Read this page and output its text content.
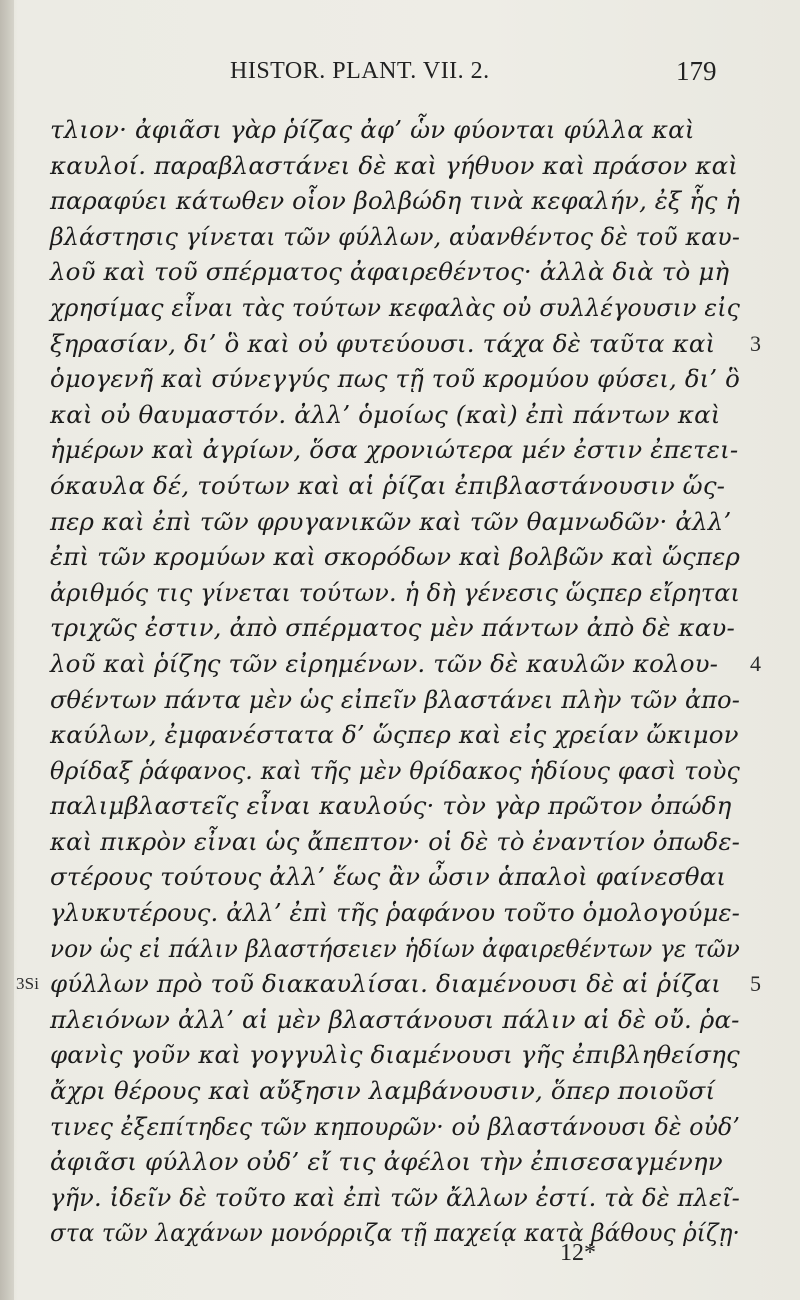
HISTOR. PLANT. VII. 2.	179
τλιον· ἀφιᾶσι γὰρ ῥίζας ἀφ’ ὧν φύονται φύλλα καὶ
καυλοί. παραβλαστάνει δὲ καὶ γήθυον καὶ πράσον καὶ
παραφύει κάτωθεν οἷον βολβώδη τινὰ κεφαλήν, ἐξ ἧς ἡ
βλάστησις γίνεται τῶν φύλλων, αὐανθέντος δὲ τοῦ καυ-
λοῦ καὶ τοῦ σπέρματος ἀφαιρεθέντος· ἀλλὰ διὰ τὸ μὴ
χρησίμας εἶναι τὰς τούτων κεφαλὰς οὐ συλλέγουσιν εἰς
ξηρασίαν, δι’ ὃ καὶ οὐ φυτεύουσι. τάχα δὲ ταῦτα καὶ 3
ὁμογενῆ καὶ σύνεγγύς πως τῇ τοῦ κρομύου φύσει, δι’ ὃ
καὶ οὐ θαυμαστόν. ἀλλ’ ὁμοίως (καὶ) ἐπὶ πάντων καὶ
ἡμέρων καὶ ἀγρίων, ὅσα χρονιώτερα μέν ἐστιν ἐπετει-
όκαυλα δέ, τούτων καὶ αἱ ῥίζαι ἐπιβλαστάνουσιν ὥς-
περ καὶ ἐπὶ τῶν φρυγανικῶν καὶ τῶν θαμνωδῶν· ἀλλ’
ἐπὶ τῶν κρομύων καὶ σκορόδων καὶ βολβῶν καὶ ὥςπερ
ἀριθμός τις γίνεται τούτων. ἡ δὴ γένεσις ὥςπερ εἴρηται
τριχῶς ἐστιν, ἀπὸ σπέρματος μὲν πάντων ἀπὸ δὲ καυ-
λοῦ καὶ ῥίζης τῶν εἰρημένων. τῶν δὲ καυλῶν κολου- 4
σθέντων πάντα μὲν ὡς εἰπεῖν βλαστάνει πλὴν τῶν ἀπο-
καύλων, ἐμφανέστατα δ’ ὥςπερ καὶ εἰς χρείαν ὤκιμον
θρίδαξ ῥάφανος. καὶ τῆς μὲν θρίδακος ἡδίους φασὶ τοὺς
παλιμβλαστεῖς εἶναι καυλούς· τὸν γὰρ πρῶτον ὀπώδη
καὶ πικρὸν εἶναι ὡς ἄπεπτον· οἱ δὲ τὸ ἐναντίον ὀπωδε-
στέρους τούτους ἀλλ’ ἕως ἂν ὦσιν ἁπαλοὶ φαίνεσθαι
γλυκυτέρους. ἀλλ’ ἐπὶ τῆς ῥαφάνου τοῦτο ὁμολογούμε-
νον ὡς εἰ πάλιν βλαστήσειεν ἡδίων ἀφαιρεθέντων γε τῶν
φύλλων πρὸ τοῦ διακαυλίσαι. διαμένουσι δὲ αἱ ῥίζαι 5
3Si
πλειόνων ἀλλ’ αἱ μὲν βλαστάνουσι πάλιν αἱ δὲ οὔ. ῥα-
φανὶς γοῦν καὶ γογγυλὶς διαμένουσι γῆς ἐπιβληθείσης
ἄχρι θέρους καὶ αὔξησιν λαμβάνουσιν, ὅπερ ποιοῦσί
τινες ἐξεπίτηδες τῶν κηπουρῶν· οὐ βλαστάνουσι δὲ οὐδ’
ἀφιᾶσι φύλλον οὐδ’ εἴ τις ἀφέλοι τὴν ἐπισεσαγμένην
γῆν. ἰδεῖν δὲ τοῦτο καὶ ἐπὶ τῶν ἄλλων ἐστί. τὰ δὲ πλεῖ-
στα τῶν λαχάνων μονόρριζα τῇ παχείᾳ κατὰ βάθους ῥίζῃ·
12*
